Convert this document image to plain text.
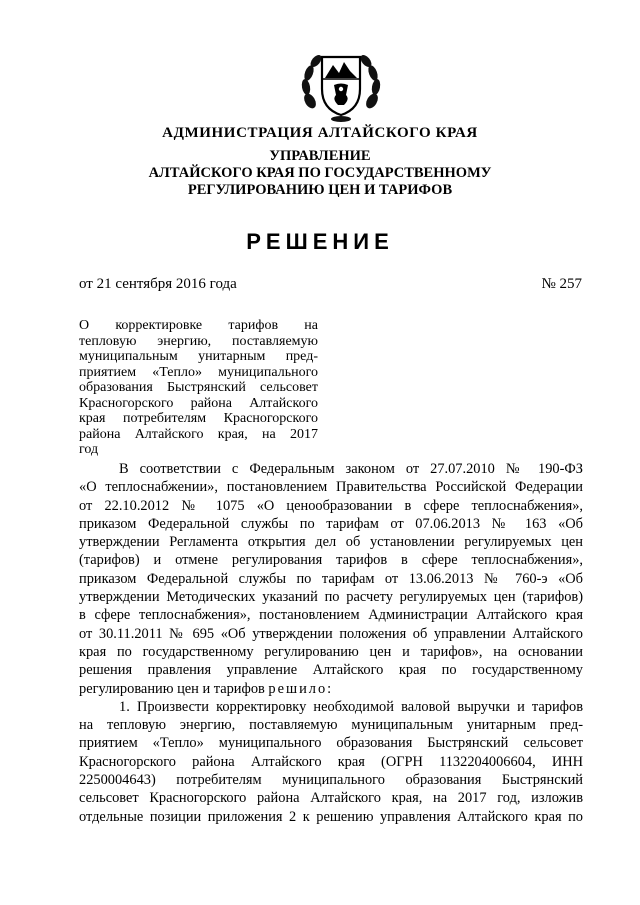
АДМИНИСТРАЦИЯ АЛТАЙСКОГО КРАЯ
УПРАВЛЕНИЕ
АЛТАЙСКОГО КРАЯ ПО ГОСУДАРСТВЕННОМУ
РЕГУЛИРОВАНИЮ ЦЕН И ТАРИФОВ
РЕШЕНИЕ
от 21 сентября 2016 года	№ 257
О корректировке тарифов на
тепловую энергию, поставляемую
муниципальным унитарным пред-
приятием «Тепло» муниципального
образования Быстрянский сельсовет
Красногорского района Алтайского
края потребителям Красногорского
района Алтайского края, на 2017
год
В соответствии с Федеральным законом от 27.07.2010 № 190-ФЗ
«О теплоснабжении», постановлением Правительства Российской Федерации
от 22.10.2012 № 1075 «О ценообразовании в сфере теплоснабжения»,
приказом Федеральной службы по тарифам от 07.06.2013 № 163 «Об
утверждении Регламента открытия дел об установлении регулируемых цен
(тарифов) и отмене регулирования тарифов в сфере теплоснабжения»,
приказом Федеральной службы по тарифам от 13.06.2013 № 760-э «Об
утверждении Методических указаний по расчету регулируемых цен (тарифов)
в сфере теплоснабжения», постановлением Администрации Алтайского края
от 30.11.2011 № 695 «Об утверждении положения об управлении Алтайского
края по государственному регулированию цен и тарифов», на основании
решения правления управление Алтайского края по государственному
регулированию цен и тарифов решило:
1. Произвести корректировку необходимой валовой выручки и тарифов
на тепловую энергию, поставляемую муниципальным унитарным пред-
приятием «Тепло» муниципального образования Быстрянский сельсовет
Красногорского района Алтайского края (ОГРН 1132204006604, ИНН
2250004643) потребителям муниципального образования Быстрянский
сельсовет Красногорского района Алтайского края, на 2017 год, изложив
отдельные позиции приложения 2 к решению управления Алтайского края по
